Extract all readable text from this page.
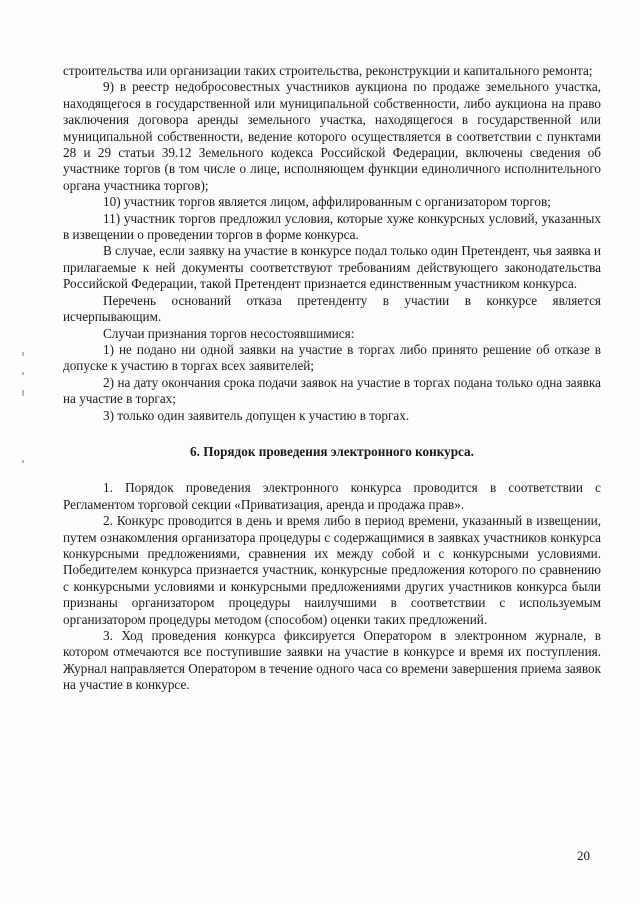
строительства или организации таких строительства, реконструкции и капитального ремонта;

9) в реестр недобросовестных участников аукциона по продаже земельного участка, находящегося в государственной или муниципальной собственности, либо аукциона на право заключения договора аренды земельного участка, находящегося в государственной или муниципальной собственности, ведение которого осуществляется в соответствии с пунктами 28 и 29 статьи 39.12 Земельного кодекса Российской Федерации, включены сведения об участнике торгов (в том числе о лице, исполняющем функции единоличного исполнительного органа участника торгов);

10) участник торгов является лицом, аффилированным с организатором торгов;

11) участник торгов предложил условия, которые хуже конкурсных условий, указанных в извещении о проведении торгов в форме конкурса.

В случае, если заявку на участие в конкурсе подал только один Претендент, чья заявка и прилагаемые к ней документы соответствуют требованиям действующего законодательства Российской Федерации, такой Претендент признается единственным участником конкурса.

Перечень оснований отказа претенденту в участии в конкурсе является исчерпывающим.

Случаи признания торгов несостоявшимися:

1) не подано ни одной заявки на участие в торгах либо принято решение об отказе в допуске к участию в торгах всех заявителей;

2) на дату окончания срока подачи заявок на участие в торгах подана только одна заявка на участие в торгах;

3) только один заявитель допущен к участию в торгах.

6. Порядок проведения электронного конкурса.

1. Порядок проведения электронного конкурса проводится в соответствии с Регламентом торговой секции «Приватизация, аренда и продажа прав».

2. Конкурс проводится в день и время либо в период времени, указанный в извещении, путем ознакомления организатора процедуры с содержащимися в заявках участников конкурса конкурсными предложениями, сравнения их между собой и с конкурсными условиями. Победителем конкурса признается участник, конкурсные предложения которого по сравнению с конкурсными условиями и конкурсными предложениями других участников конкурса были признаны организатором процедуры наилучшими в соответствии с используемым организатором процедуры методом (способом) оценки таких предложений.

3. Ход проведения конкурса фиксируется Оператором в электронном журнале, в котором отмечаются все поступившие заявки на участие в конкурсе и время их поступления. Журнал направляется Оператором в течение одного часа со времени завершения приема заявок на участие в конкурсе.

20
